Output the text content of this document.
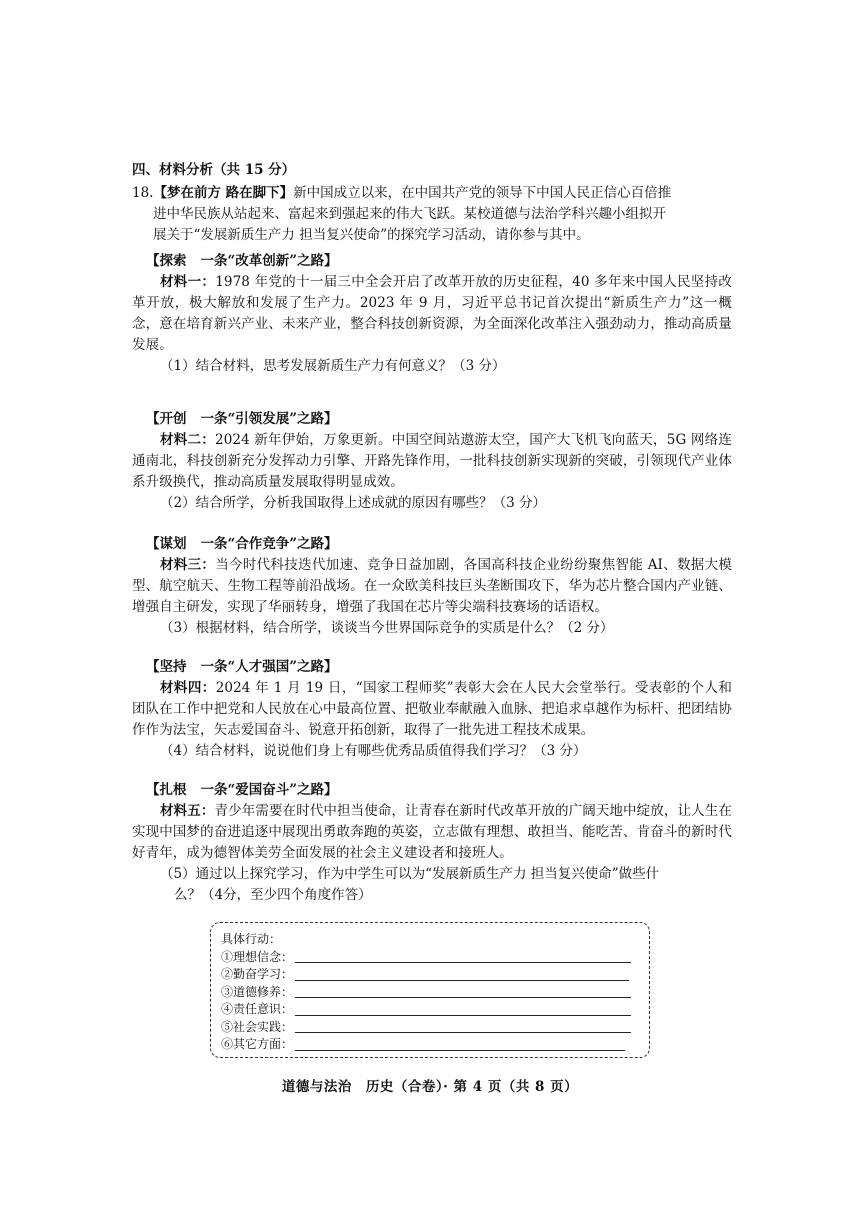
四、材料分析（共 15 分）

18.【梦在前方 路在脚下】新中国成立以来，在中国共产党的领导下中国人民正信心百倍推

进中华民族从站起来、富起来到强起来的伟大飞跃。某校道德与法治学科兴趣小组拟开

展关于“发展新质生产力 担当复兴使命”的探究学习活动，请你参与其中。

【探索 一条“改革创新”之路】

材料一：1978 年党的十一届三中全会开启了改革开放的历史征程，40 多年来中国人民坚持改革开放，极大解放和发展了生产力。2023 年 9 月，习近平总书记首次提出“新质生产力”这一概念，意在培育新兴产业、未来产业，整合科技创新资源，为全面深化改革注入强劲动力，推动高质量发展。

（1）结合材料，思考发展新质生产力有何意义？（3 分）

【开创 一条“引领发展”之路】

材料二：2024 新年伊始，万象更新。中国空间站遨游太空，国产大飞机飞向蓝天，5G 网络连通南北，科技创新充分发挥动力引擎、开路先锋作用，一批科技创新实现新的突破，引领现代产业体系升级换代，推动高质量发展取得明显成效。

（2）结合所学，分析我国取得上述成就的原因有哪些？（3 分）

【谋划 一条“合作竞争”之路】

材料三：当今时代科技迭代加速、竞争日益加剧，各国高科技企业纷纷聚焦智能 AI、数据大模型、航空航天、生物工程等前沿战场。在一众欧美科技巨头垄断围攻下，华为芯片整合国内产业链、增强自主研发，实现了华丽转身，增强了我国在芯片等尖端科技赛场的话语权。

（3）根据材料，结合所学，谈谈当今世界国际竞争的实质是什么？（2 分）

【坚持 一条“人才强国”之路】

材料四：2024 年 1 月 19 日，“国家工程师奖”表彰大会在人民大会堂举行。受表彰的个人和团队在工作中把党和人民放在心中最高位置、把敬业奉献融入血脉、把追求卓越作为标杆、把团结协作作为法宝，矢志爱国奋斗、锐意开拓创新，取得了一批先进工程技术成果。

（4）结合材料，说说他们身上有哪些优秀品质值得我们学习？（3 分）

【扎根 一条“爱国奋斗”之路】

材料五：青少年需要在时代中担当使命，让青春在新时代改革开放的广阔天地中绽放，让人生在实现中国梦的奋进追逐中展现出勇敢奔跑的英姿，立志做有理想、敢担当、能吃苦、肯奋斗的新时代好青年，成为德智体美劳全面发展的社会主义建设者和接班人。

（5）通过以上探究学习，作为中学生可以为“发展新质生产力 担当复兴使命”做些什

么？（4分，至少四个角度作答）

具体行动：

①理想信念：

②勤奋学习：

③道德修养：

④责任意识：

⑤社会实践：

⑥其它方面：

道德与法治　历史（合卷）· 第 4 页（共 8 页）
